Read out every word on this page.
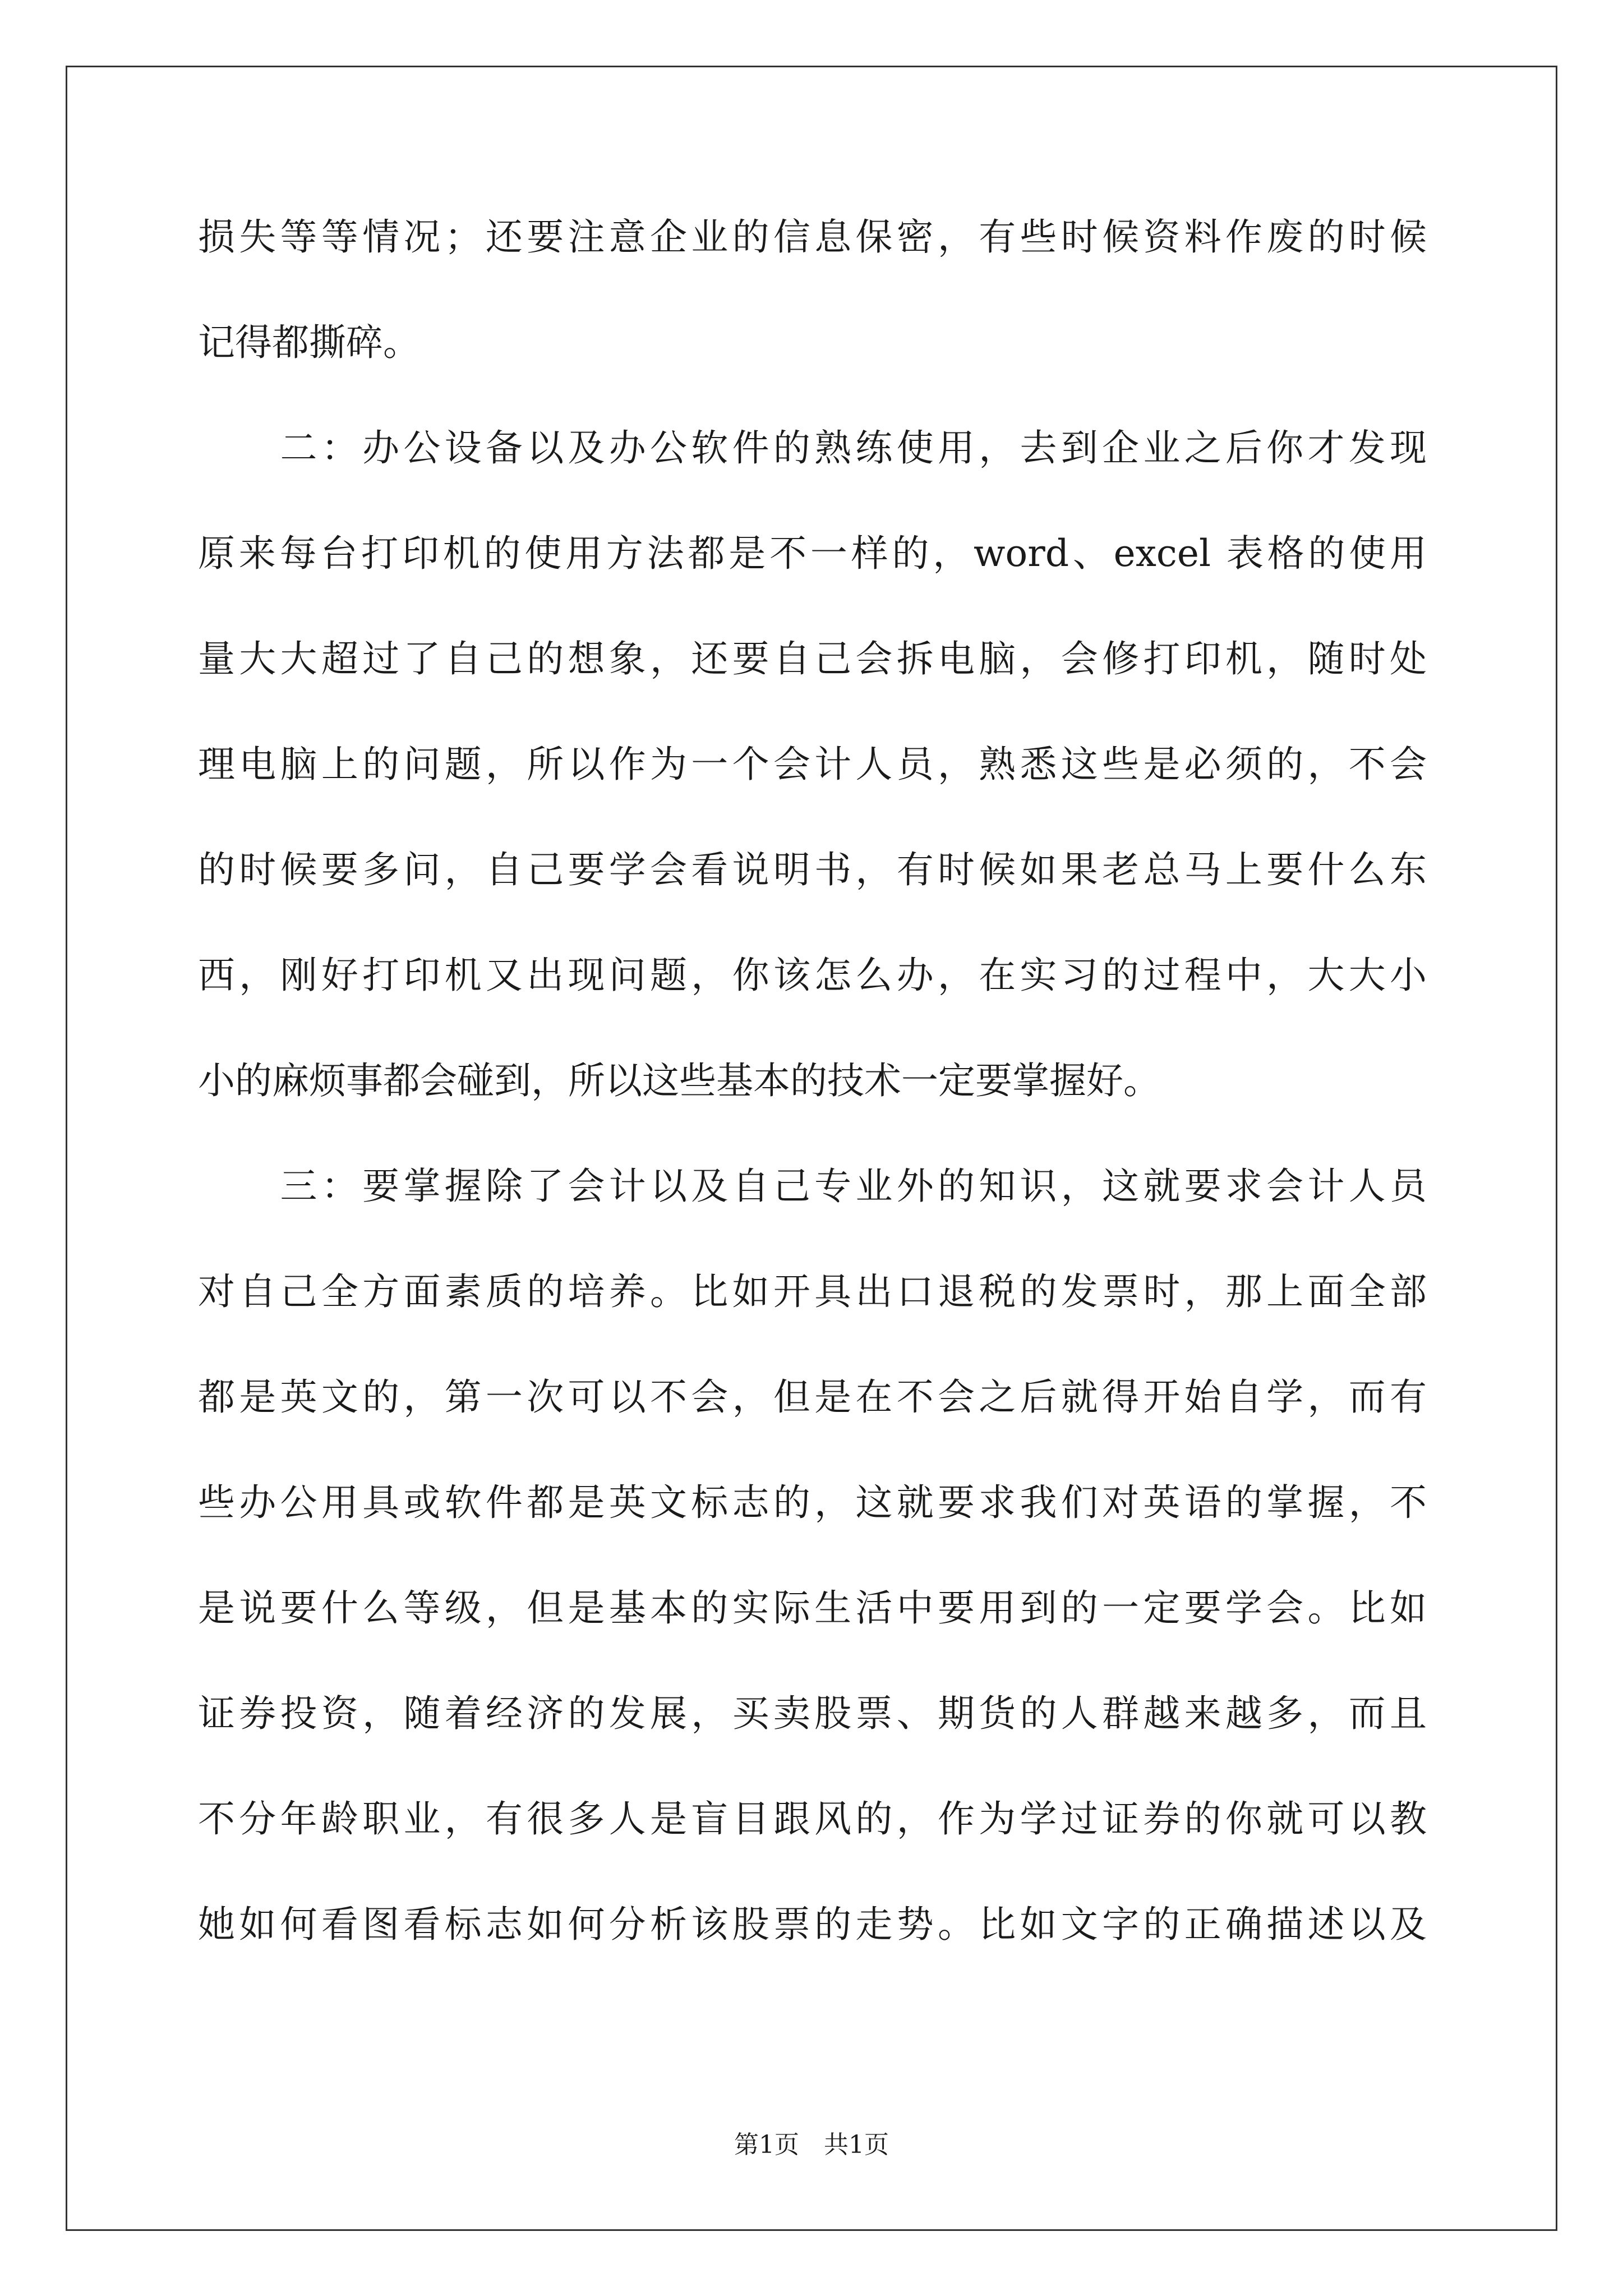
损失等等情况；还要注意企业的信息保密，有些时候资料作废的时候
记得都撕碎。
　　二：办公设备以及办公软件的熟练使用，去到企业之后你才发现
原来每台打印机的使用方法都是不一样的，word、excel 表格的使用
量大大超过了自己的想象，还要自己会拆电脑，会修打印机，随时处
理电脑上的问题，所以作为一个会计人员，熟悉这些是必须的，不会
的时候要多问，自己要学会看说明书，有时候如果老总马上要什么东
西，刚好打印机又出现问题，你该怎么办，在实习的过程中，大大小
小的麻烦事都会碰到，所以这些基本的技术一定要掌握好。
　　三：要掌握除了会计以及自己专业外的知识，这就要求会计人员
对自己全方面素质的培养。比如开具出口退税的发票时，那上面全部
都是英文的，第一次可以不会，但是在不会之后就得开始自学，而有
些办公用具或软件都是英文标志的，这就要求我们对英语的掌握，不
是说要什么等级，但是基本的实际生活中要用到的一定要学会。比如
证券投资，随着经济的发展，买卖股票、期货的人群越来越多，而且
不分年龄职业，有很多人是盲目跟风的，作为学过证券的你就可以教
她如何看图看标志如何分析该股票的走势。比如文字的正确描述以及
第1页　共1页
